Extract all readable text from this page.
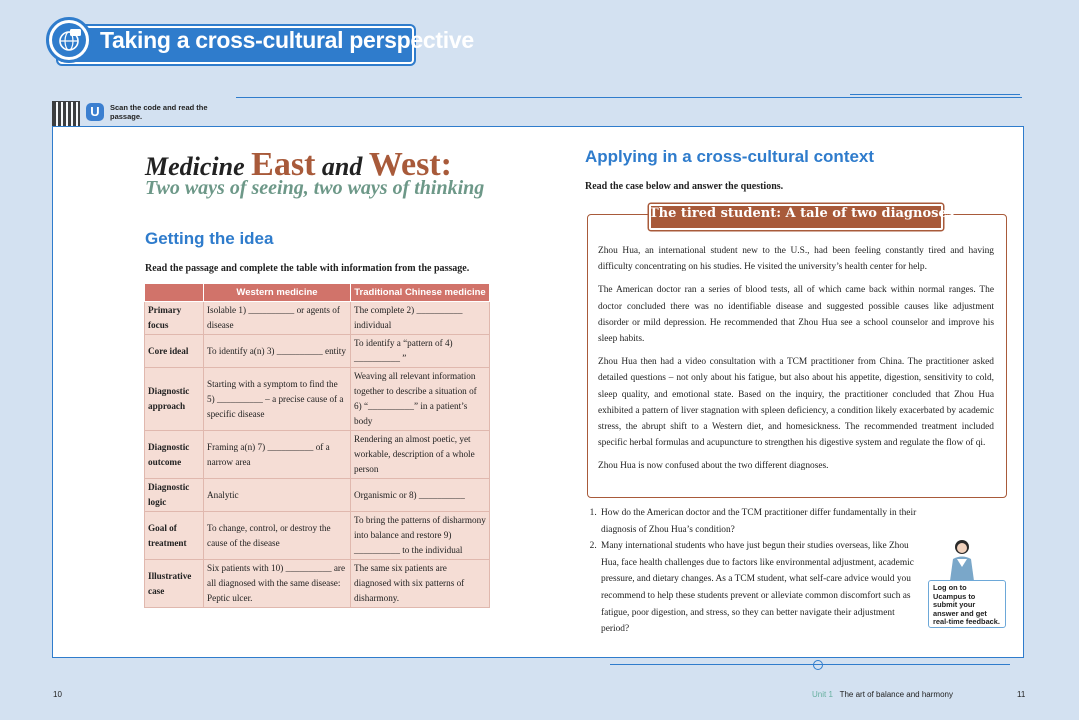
Taking a cross-cultural perspective
U	Scan the code and read the passage.
Medicine East and West:
Two ways of seeing, two ways of thinking
Getting the idea
Read the passage and complete the table with information from the passage.
	Western medicine	Traditional Chinese medicine
Primary focus	Isolable 1) __________ or agents of disease	The complete 2) __________ individual
Core ideal	To identify a(n) 3) __________ entity	To identify a “pattern of 4) __________ ”
Diagnostic approach	Starting with a symptom to find the 5) __________ – a precise cause of a specific disease	Weaving all relevant information together to describe a situation of 6) “__________” in a patient’s body
Diagnostic outcome	Framing a(n) 7) __________ of a narrow area	Rendering an almost poetic, yet workable, description of a whole person
Diagnostic logic	Analytic	Organismic or 8) __________
Goal of treatment	To change, control, or destroy the cause of the disease	To bring the patterns of disharmony into balance and restore 9) __________ to the individual
Illustrative case	Six patients with 10) __________ are all diagnosed with the same disease: Peptic ulcer.	The same six patients are diagnosed with six patterns of disharmony.
Applying in a cross-cultural context
Read the case below and answer the questions.
The tired student: A tale of two diagnoses

Zhou Hua, an international student new to the U.S., had been feeling constantly tired and having difficulty concentrating on his studies. He visited the university’s health center for help.

The American doctor ran a series of blood tests, all of which came back within normal ranges. The doctor concluded there was no identifiable disease and suggested possible causes like adjustment disorder or mild depression. He recommended that Zhou Hua see a school counselor and improve his sleep habits.

Zhou Hua then had a video consultation with a TCM practitioner from China. The practitioner asked detailed questions – not only about his fatigue, but also about his appetite, digestion, sensitivity to cold, sleep quality, and emotional state. Based on the inquiry, the practitioner concluded that Zhou Hua exhibited a pattern of liver stagnation with spleen deficiency, a condition likely exacerbated by academic stress, the abrupt shift to a Western diet, and homesickness. The recommended treatment included specific herbal formulas and acupuncture to strengthen his digestive system and regulate the flow of qi.

Zhou Hua is now confused about the two different diagnoses.

1. How do the American doctor and the TCM practitioner differ fundamentally in their diagnosis of Zhou Hua’s condition?
2. Many international students who have just begun their studies overseas, like Zhou Hua, face health challenges due to factors like environmental adjustment, academic pressure, and dietary changes. As a TCM student, what self-care advice would you recommend to help these students prevent or alleviate common discomfort such as fatigue, poor digestion, and stress, so they can better navigate their adjustment period?
Log on to Ucampus to submit your answer and get real-time feedback.
10	Unit 1 The art of balance and harmony	11
